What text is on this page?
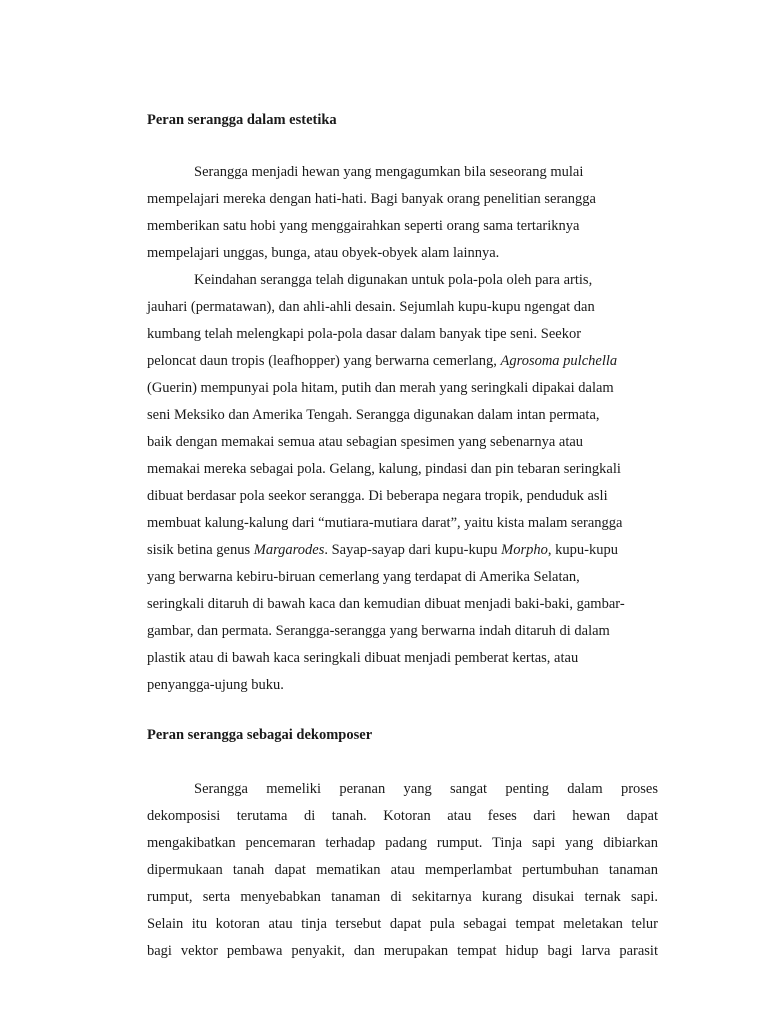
Peran serangga dalam estetika
Serangga menjadi hewan yang mengagumkan bila seseorang mulai
mempelajari mereka dengan hati-hati. Bagi banyak orang penelitian serangga
memberikan satu hobi yang menggairahkan seperti orang sama tertariknya
mempelajari unggas, bunga, atau obyek-obyek alam lainnya.
Keindahan serangga telah digunakan untuk pola-pola oleh para artis,
jauhari (permatawan), dan ahli-ahli desain. Sejumlah kupu-kupu ngengat dan
kumbang telah melengkapi pola-pola dasar dalam banyak tipe seni. Seekor
peloncat daun tropis (leafhopper) yang berwarna cemerlang, Agrosoma pulchella
(Guerin) mempunyai pola hitam, putih dan merah yang seringkali dipakai dalam
seni Meksiko dan Amerika Tengah. Serangga digunakan dalam intan permata,
baik dengan memakai semua atau sebagian spesimen yang sebenarnya atau
memakai mereka sebagai pola. Gelang, kalung, pindasi dan pin tebaran seringkali
dibuat berdasar pola seekor serangga. Di beberapa negara tropik, penduduk asli
membuat kalung-kalung dari “mutiara-mutiara darat”, yaitu kista malam serangga
sisik betina genus Margarodes. Sayap-sayap dari kupu-kupu Morpho, kupu-kupu
yang berwarna kebiru-biruan cemerlang yang terdapat di Amerika Selatan,
seringkali ditaruh di bawah kaca dan kemudian dibuat menjadi baki-baki, gambar-
gambar, dan permata. Serangga-serangga yang berwarna indah ditaruh di dalam
plastik atau di bawah kaca seringkali dibuat menjadi pemberat kertas, atau
penyangga-ujung buku.
Peran serangga sebagai dekomposer
Serangga memeliki peranan yang sangat penting dalam proses
dekomposisi terutama di tanah. Kotoran atau feses dari hewan dapat
mengakibatkan pencemaran terhadap padang rumput. Tinja sapi yang dibiarkan
dipermukaan tanah dapat mematikan atau memperlambat pertumbuhan tanaman
rumput, serta menyebabkan tanaman di sekitarnya kurang disukai ternak sapi.
Selain itu kotoran atau tinja tersebut dapat pula sebagai tempat meletakan telur
bagi vektor pembawa penyakit, dan merupakan tempat hidup bagi larva parasit
